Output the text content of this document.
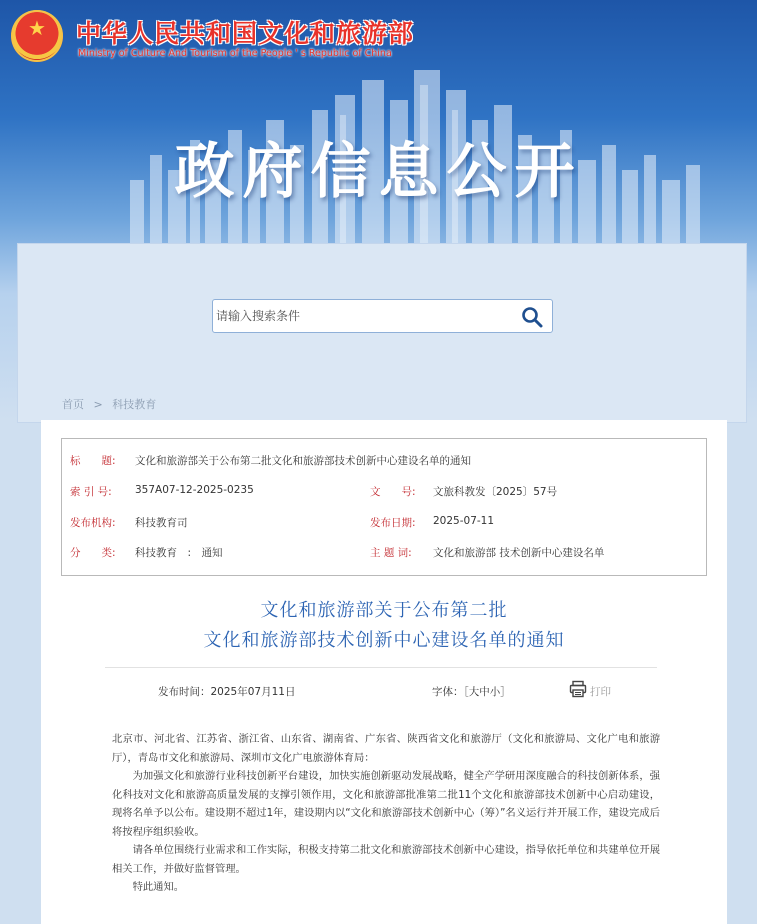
★	中华人民共和国文化和旅游部
Ministry of Culture And Tourism of the People ' s Republic of China
政府信息公开
请输入搜索条件
首页 > 科技教育
标　　题: 文化和旅游部关于公布第二批文化和旅游部技术创新中心建设名单的通知
索 引 号: 357A07-12-2025-0235	文　　号: 文旅科教发〔2025〕57号
发布机构: 科技教育司	发布日期: 2025-07-11
分　　类: 科技教育　:　通知	主 题 词: 文化和旅游部 技术创新中心建设名单
文化和旅游部关于公布第二批
文化和旅游部技术创新中心建设名单的通知
发布时间：2025年07月11日	字体：［大中小］	打印

北京市、河北省、江苏省、浙江省、山东省、湖南省、广东省、陕西省文化和旅游厅（文化和旅游局、文化广电和旅游厅），青岛市文化和旅游局、深圳市文化广电旅游体育局：

为加强文化和旅游行业科技创新平台建设，加快实施创新驱动发展战略，健全产学研用深度融合的科技创新体系，强化科技对文化和旅游高质量发展的支撑引领作用，文化和旅游部批准第二批11个文化和旅游部技术创新中心启动建设，现将名单予以公布。建设期不超过1年，建设期内以“文化和旅游部技术创新中心（筹）”名义运行并开展工作，建设完成后将按程序组织验收。

请各单位围绕行业需求和工作实际，积极支持第二批文化和旅游部技术创新中心建设，指导依托单位和共建单位开展相关工作，并做好监督管理。

特此通知。
